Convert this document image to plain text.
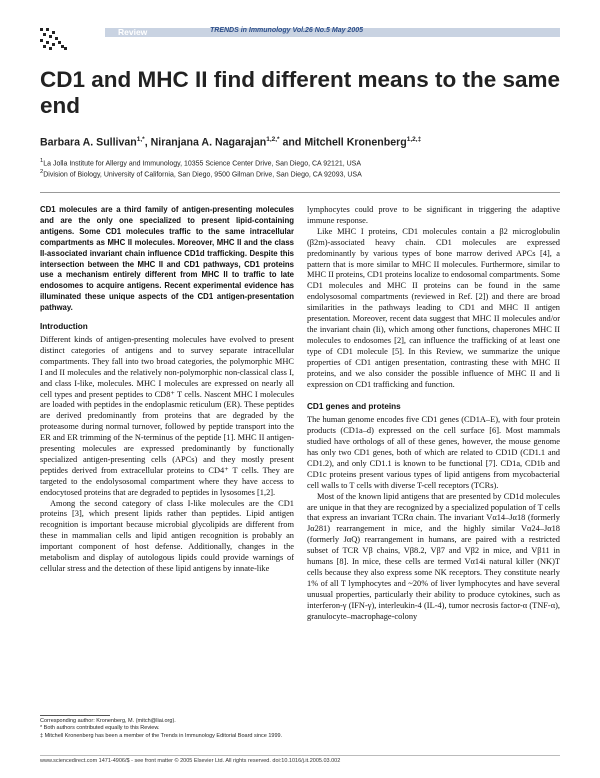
Review	TRENDS in Immunology Vol.26 No.5 May 2005
CD1 and MHC II find different means to the same end
Barbara A. Sullivan$^{1,*}$, Niranjana A. Nagarajan$^{1,2,*}$ and Mitchell Kronenberg$^{1,2,\ddagger}$
$^1$La Jolla Institute for Allergy and Immunology, 10355 Science Center Drive, San Diego, CA 92121, USA
$^2$Division of Biology, University of California, San Diego, 9500 Gilman Drive, San Diego, CA 92093, USA

CD1 molecules are a third family of antigen-presenting molecules and are the only one specialized to present lipid-containing antigens. Some CD1 molecules traffic to the same intracellular compartments as MHC II molecules. Moreover, MHC II and the class II-associated invariant chain influence CD1d trafficking. Despite this intersection between the MHC II and CD1 pathways, CD1 proteins use a mechanism entirely different from MHC II to traffic to late endosomes to acquire antigens. Recent experimental evidence has illuminated these unique aspects of the CD1 antigen-presentation pathway.

Introduction

Different kinds of antigen-presenting molecules have evolved to present distinct categories of antigens and to survey separate intracellular compartments. They fall into two broad categories, the polymorphic MHC I and II molecules and the relatively non-polymorphic non-classical class I, and class I-like, molecules. MHC I molecules are expressed on nearly all cell types and present peptides to CD8⁺ T cells. Nascent MHC I molecules are loaded with peptides in the endoplasmic reticulum (ER). These peptides are derived predominantly from proteins that are degraded by the proteasome during normal turnover, followed by peptide transport into the ER and ER trimming of the N-terminus of the peptide [1]. MHC II antigen-presenting molecules are expressed predominantly by functionally specialized antigen-presenting cells (APCs) and they mostly present peptides derived from extracellular proteins to CD4⁺ T cells. They are targeted to the endolysosomal compartment where they have access to endocytosed proteins that are degraded to peptides in lysosomes [1,2].

Among the second category of class I-like molecules are the CD1 proteins [3], which present lipids rather than peptides. Lipid antigen recognition is important because microbial glycolipids are different from these in mammalian cells and lipid antigen recognition is probably an important component of host defense. Additionally, changes in the metabolism and display of autologous lipids could provide warnings of cellular stress and the detection of these lipid antigens by innate-like

lymphocytes could prove to be significant in triggering the adaptive immune response.

Like MHC I proteins, CD1 molecules contain a β2 microglobulin (β2m)-associated heavy chain. CD1 molecules are expressed predominantly by various types of bone marrow derived APCs [4], a pattern that is more similar to MHC II molecules. Furthermore, similar to MHC II proteins, CD1 proteins localize to endosomal compartments. Some CD1 molecules and MHC II proteins can be found in the same endolysosomal compartments (reviewed in Ref. [2]) and there are broad similarities in the pathways leading to CD1 and MHC II antigen presentation. Moreover, recent data suggest that MHC II molecules and/or the invariant chain (Ii), which among other functions, chaperones MHC II molecules to endosomes [2], can influence the trafficking of at least one type of CD1 molecule [5]. In this Review, we summarize the unique properties of CD1 antigen presentation, contrasting these with MHC II proteins, and we also consider the possible influence of MHC II and Ii expression on CD1 trafficking and function.

CD1 genes and proteins

The human genome encodes five CD1 genes (CD1A–E), with four protein products (CD1a–d) expressed on the cell surface [6]. Most mammals studied have orthologs of all of these genes, however, the mouse genome has only two CD1 genes, both of which are related to CD1D (CD1.1 and CD1.2), and only CD1.1 is known to be functional [7]. CD1a, CD1b and CD1c proteins present various types of lipid antigens from mycobacterial cell walls to T cells with diverse T-cell receptors (TCRs).

Most of the known lipid antigens that are presented by CD1d molecules are unique in that they are recognized by a specialized population of T cells that express an invariant TCRα chain. The invariant Vα14–Jα18 (formerly Jα281) rearrangement in mice, and the highly similar Vα24–Jα18 (formerly JαQ) rearrangement in humans, are paired with a restricted subset of TCR Vβ chains, Vβ8.2, Vβ7 and Vβ2 in mice, and Vβ11 in humans [8]. In mice, these cells are termed Vα14i natural killer (NK)T cells because they also express some NK receptors. They constitute nearly 1% of all T lymphocytes and ~20% of liver lymphocytes and have several unusual properties, particularly their ability to produce cytokines, such as interferon-γ (IFN-γ), interleukin-4 (IL-4), tumor necrosis factor-α (TNF-α), granulocyte–macrophage-colony

Corresponding author: Kronenberg, M. (mitch@liai.org).
* Both authors contributed equally to this Review.
‡ Mitchell Kronenberg has been a member of the Trends in Immunology Editorial Board since 1999.
www.sciencedirect.com 1471-4906/$ - see front matter © 2005 Elsevier Ltd. All rights reserved. doi:10.1016/j.it.2005.03.002
